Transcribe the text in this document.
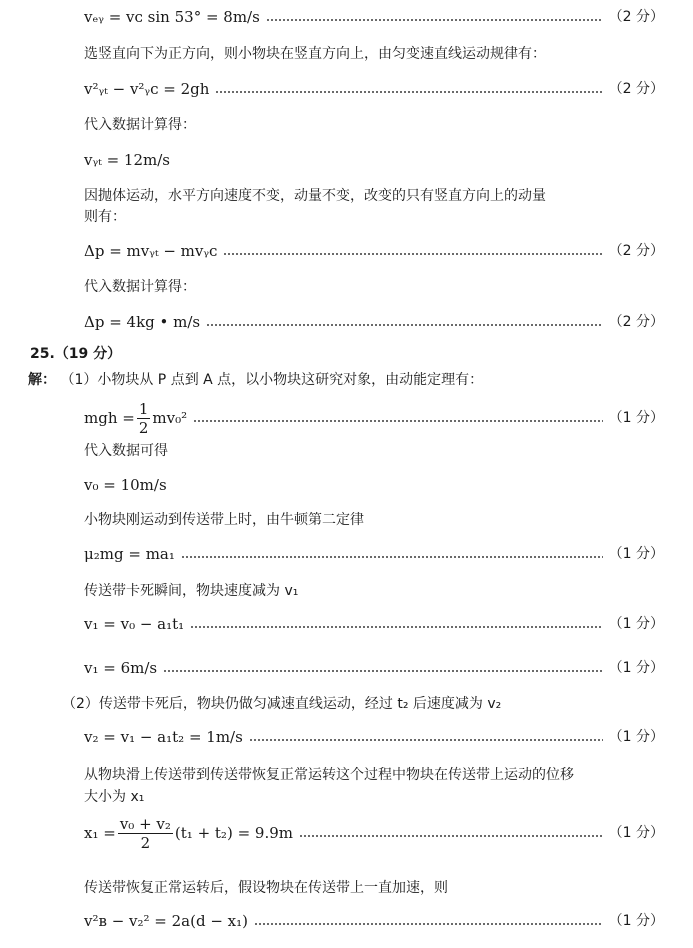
vₑᵧ = vᴄ sin 53° = 8m/s	（2 分）
选竖直向下为正方向，则小物块在竖直方向上，由匀变速直线运动规律有：
v²ᵧₜ − v²ᵧᴄ = 2gh	（2 分）
代入数据计算得：
vᵧₜ = 12m/s
因抛体运动，水平方向速度不变，动量不变，改变的只有竖直方向上的动量
则有：
Δp = mvᵧₜ − mvᵧᴄ	（2 分）
代入数据计算得：
Δp = 4kg • m/s	（2 分）
25.（19 分）
解： （1）小物块从 P 点到 A 点，以小物块这研究对象，由动能定理有：
mgh = $\frac{1}{2} mv_0^2$	（1 分）
代入数据可得
v₀ = 10m/s
小物块刚运动到传送带上时，由牛顿第二定律
μ₂mg = ma₁	（1 分）
传送带卡死瞬间，物块速度减为 v₁
v₁ = v₀ − a₁t₁	（1 分）
v₁ = 6m/s	（1 分）
（2）传送带卡死后，物块仍做匀减速直线运动，经过 t₂ 后速度减为 v₂
v₂ = v₁ − a₁t₂ = 1m/s	（1 分）
从物块滑上传送带到传送带恢复正常运转这个过程中物块在传送带上运动的位移
大小为 x₁
$x_1 = \frac{\text{v₀ + v₂}}{2} (t_1 + t_2) = 9.9m$	（1 分）
传送带恢复正常运转后，假设物块在传送带上一直加速，则
v²ʙ − v₂² = 2a(d − x₁)	（1 分）
